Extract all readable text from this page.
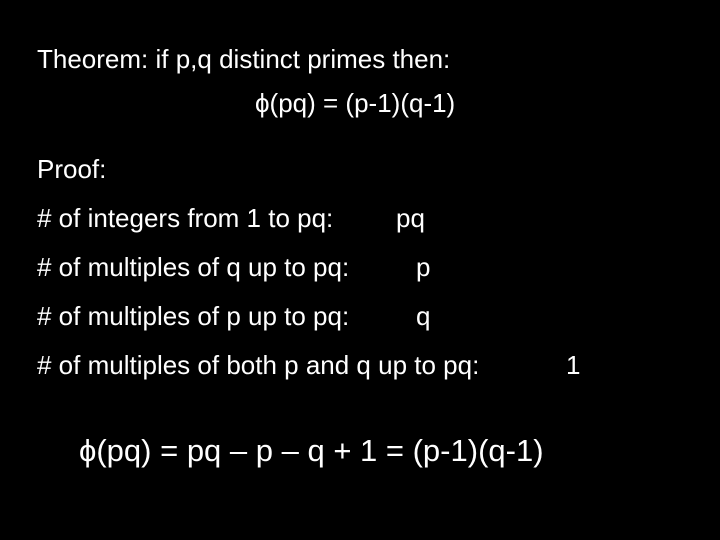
Theorem: if p,q distinct primes then:
ϕ(pq) = (p-1)(q-1)
Proof:
# of integers from 1 to pq: pq
# of multiples of q up to pq:	p
# of multiples of p up to pq:	q
# of multiples of both p and q up to pq:	1
ϕ(pq) = pq – p – q + 1 = (p-1)(q-1)
